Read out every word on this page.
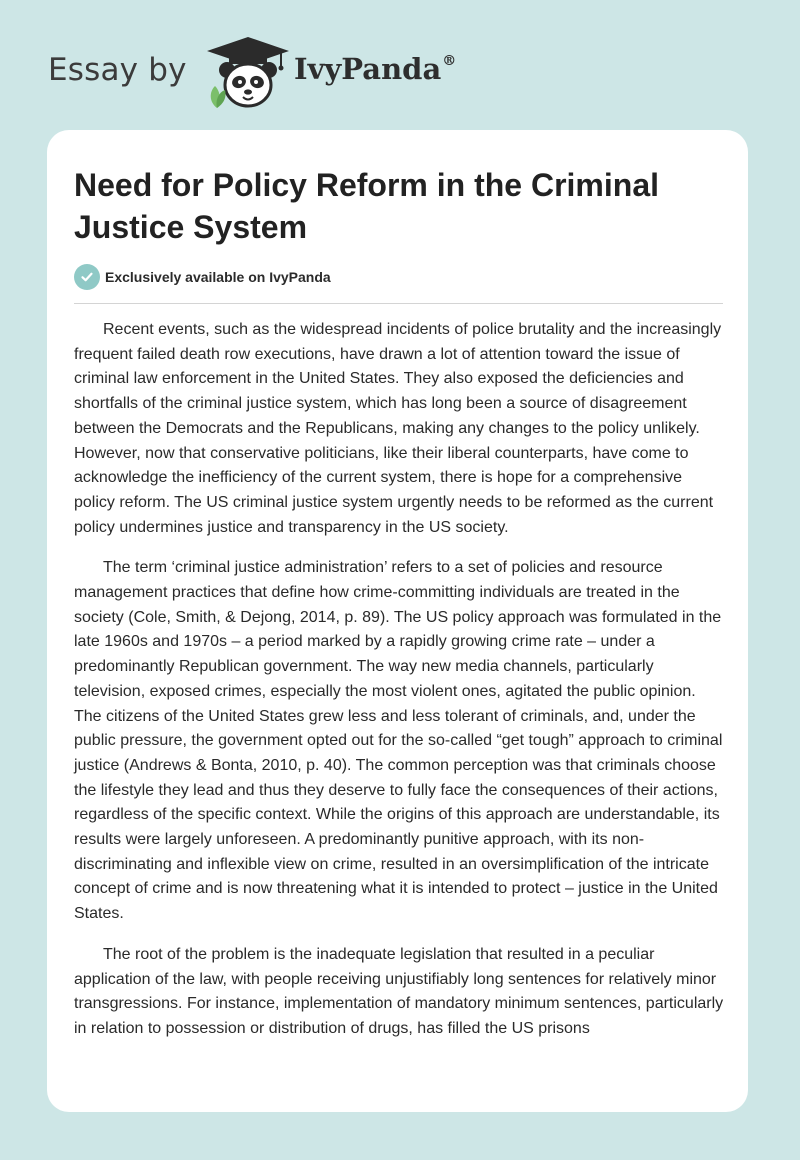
Essay by	IvyPanda®
Need for Policy Reform in the Criminal Justice System
Exclusively available on IvyPanda

Recent events, such as the widespread incidents of police brutality and the increasingly frequent failed death row executions, have drawn a lot of attention toward the issue of criminal law enforcement in the United States. They also exposed the deficiencies and shortfalls of the criminal justice system, which has long been a source of disagreement between the Democrats and the Republicans, making any changes to the policy unlikely. However, now that conservative politicians, like their liberal counterparts, have come to acknowledge the inefficiency of the current system, there is hope for a comprehensive policy reform. The US criminal justice system urgently needs to be reformed as the current policy undermines justice and transparency in the US society.

The term ‘criminal justice administration’ refers to a set of policies and resource management practices that define how crime-committing individuals are treated in the society (Cole, Smith, & Dejong, 2014, p. 89). The US policy approach was formulated in the late 1960s and 1970s – a period marked by a rapidly growing crime rate – under a predominantly Republican government. The way new media channels, particularly television, exposed crimes, especially the most violent ones, agitated the public opinion. The citizens of the United States grew less and less tolerant of criminals, and, under the public pressure, the government opted out for the so-called “get tough” approach to criminal justice (Andrews & Bonta, 2010, p. 40). The common perception was that criminals choose the lifestyle they lead and thus they deserve to fully face the consequences of their actions, regardless of the specific context. While the origins of this approach are understandable, its results were largely unforeseen. A predominantly punitive approach, with its non-discriminating and inflexible view on crime, resulted in an oversimplification of the intricate concept of crime and is now threatening what it is intended to protect – justice in the United States.

The root of the problem is the inadequate legislation that resulted in a peculiar application of the law, with people receiving unjustifiably long sentences for relatively minor transgressions. For instance, implementation of mandatory minimum sentences, particularly in relation to possession or distribution of drugs, has filled the US prisons
